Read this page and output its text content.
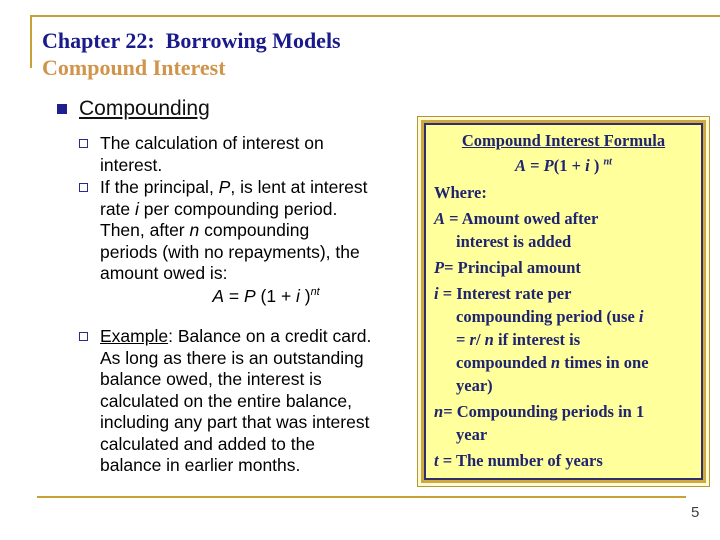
Chapter 22:  Borrowing Models
Compound Interest
Compounding
The calculation of interest on
interest.
If the principal, P, is lent at interest
rate i per compounding period.
Then, after n compounding
periods (with no repayments), the
amount owed is:
A = P (1 + i )$^{nt}$
Example: Balance on a credit card.
As long as there is an outstanding
balance owed, the interest is
calculated on the entire balance,
including any part that was interest
calculated and added to the
balance in earlier months.
Compound Interest Formula
A = P(1 + i ) $^{nt}$
Where:
A = Amount owed after
interest is added
P= Principal amount
i = Interest rate per
compounding period (use i
= r/ n if interest is
compounded n times in one
year)
n= Compounding periods in 1
year
t = The number of years
5
